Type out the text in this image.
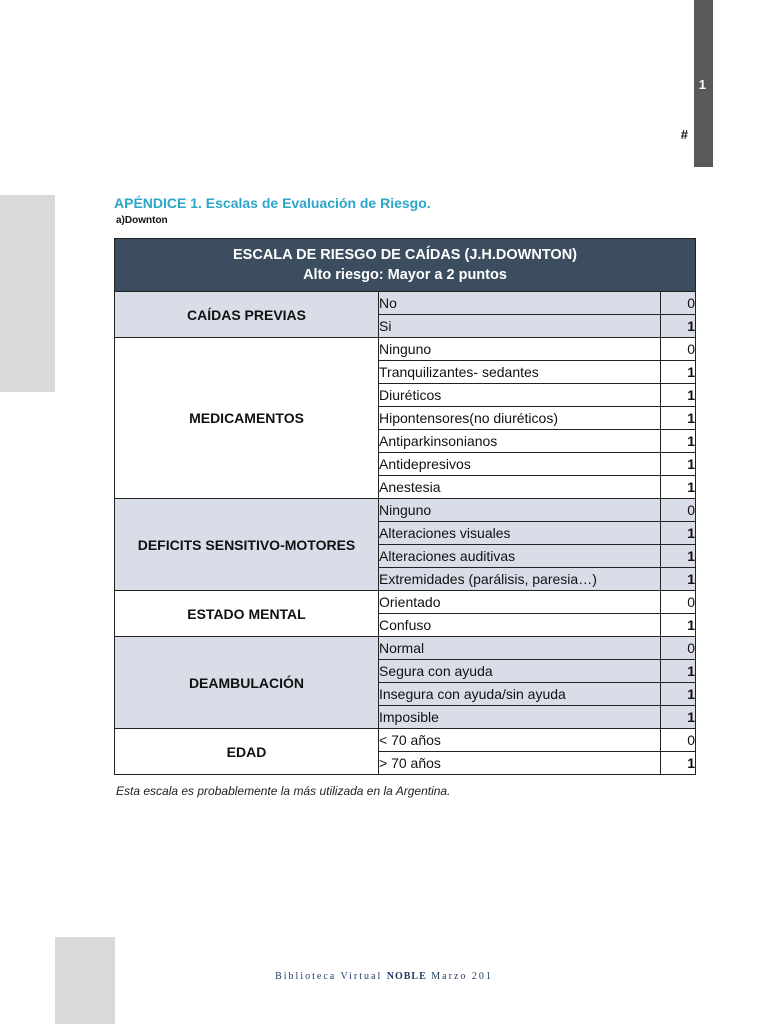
1
#
APÉNDICE 1. Escalas de Evaluación de Riesgo.
a)Downton
ESCALA DE RIESGO DE CAÍDAS (J.H.DOWNTON)
Alto riesgo: Mayor a 2 puntos		

CAÍDAS PREVIAS	No	0
	Si	1
MEDICAMENTOS	Ninguno	0
	Tranquilizantes- sedantes	1
	Diuréticos	1
	Hipontensores(no diuréticos)	1
	Antiparkinsonianos	1
	Antidepresivos	1
	Anestesia	1
DEFICITS SENSITIVO-MOTORES	Ninguno	0
	Alteraciones visuales	1
	Alteraciones auditivas	1
	Extremidades (parálisis, paresia…)	1
ESTADO MENTAL	Orientado	0
	Confuso	1
DEAMBULACIÓN	Normal	0
	Segura con ayuda	1
	Insegura con ayuda/sin ayuda	1
	Imposible	1
EDAD	< 70 años	0
	> 70 años	1
Esta escala es probablemente la más utilizada en la Argentina.
Biblioteca Virtual NOBLE Marzo 201
